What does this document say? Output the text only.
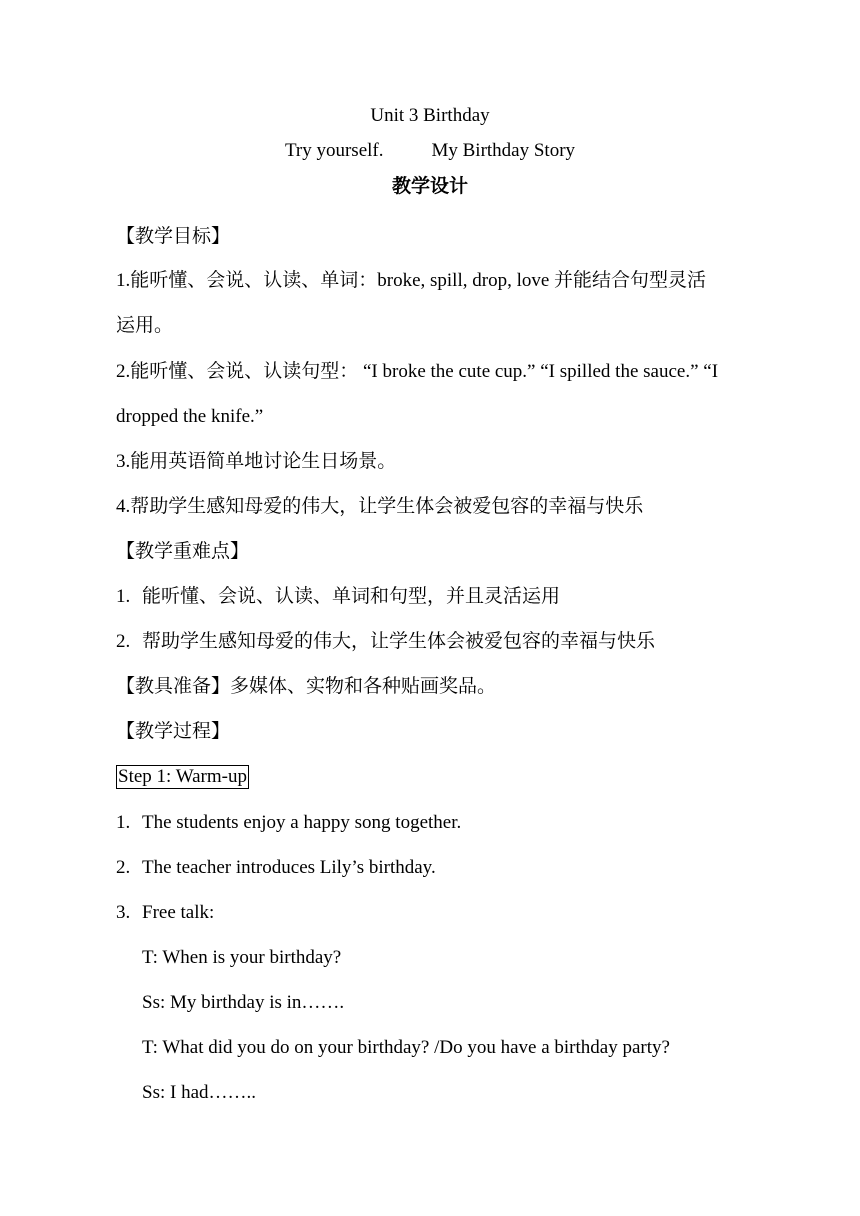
Unit 3 Birthday
Try yourself.	My Birthday Story
教学设计
【教学目标】
1.能听懂、会说、认读、单词：broke, spill, drop, love 并能结合句型灵活
运用。
2.能听懂、会说、认读句型： “I broke the cute cup.” “I spilled the sauce.” “I
dropped the knife.”
3.能用英语简单地讨论生日场景。
4.帮助学生感知母爱的伟大，让学生体会被爱包容的幸福与快乐
【教学重难点】
1. 能听懂、会说、认读、单词和句型，并且灵活运用
2. 帮助学生感知母爱的伟大，让学生体会被爱包容的幸福与快乐
【教具准备】多媒体、实物和各种贴画奖品。
【教学过程】
Step 1: Warm-up
1. The students enjoy a happy song together.
2. The teacher introduces Lily’s birthday.
3. Free talk:
T: When is your birthday?
Ss: My birthday is in…….
T: What did you do on your birthday? /Do you have a birthday party?
Ss: I had……..
